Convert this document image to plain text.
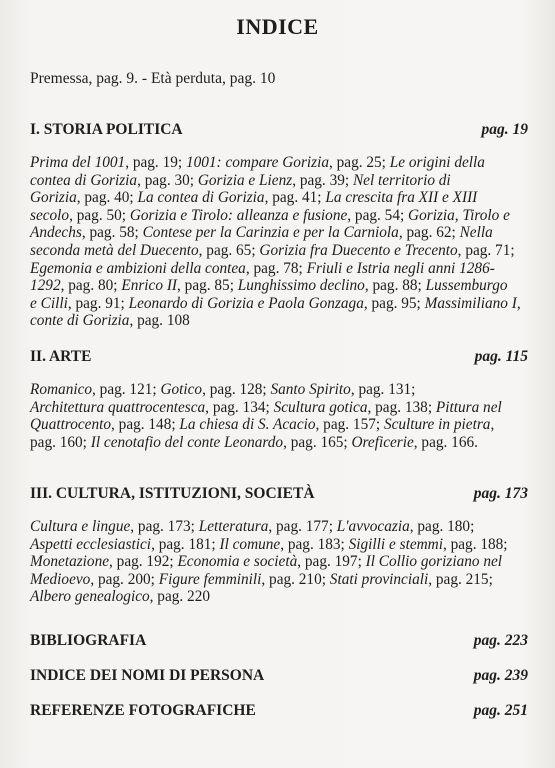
INDICE
Premessa, pag. 9. - Età perduta, pag. 10
I. STORIA POLITICA	pag. 19
Prima del 1001, pag. 19; 1001: compare Gorizia, pag. 25; Le origini della
contea di Gorizia, pag. 30; Gorizia e Lienz, pag. 39; Nel territorio di
Gorizia, pag. 40; La contea di Gorizia, pag. 41; La crescita fra XII e XIII
secolo, pag. 50; Gorizia e Tirolo: alleanza e fusione, pag. 54; Gorizia, Tirolo e
Andechs, pag. 58; Contese per la Carinzia e per la Carniola, pag. 62; Nella
seconda metà del Duecento, pag. 65; Gorizia fra Duecento e Trecento, pag. 71;
Egemonia e ambizioni della contea, pag. 78; Friuli e Istria negli anni 1286-
1292, pag. 80; Enrico II, pag. 85; Lunghissimo declino, pag. 88; Lussemburgo
e Cilli, pag. 91; Leonardo di Gorizia e Paola Gonzaga, pag. 95; Massimiliano I,
conte di Gorizia, pag. 108
II. ARTE	pag. 115
Romanico, pag. 121; Gotico, pag. 128; Santo Spirito, pag. 131;
Architettura quattrocentesca, pag. 134; Scultura gotica, pag. 138; Pittura nel
Quattrocento, pag. 148; La chiesa di S. Acacio, pag. 157; Sculture in pietra,
pag. 160; Il cenotafio del conte Leonardo, pag. 165; Oreficerie, pag. 166.
III. CULTURA, ISTITUZIONI, SOCIETÀ	pag. 173
Cultura e lingue, pag. 173; Letteratura, pag. 177; L'avvocazia, pag. 180;
Aspetti ecclesiastici, pag. 181; Il comune, pag. 183; Sigilli e stemmi, pag. 188;
Monetazione, pag. 192; Economia e società, pag. 197; Il Collio goriziano nel
Medioevo, pag. 200; Figure femminili, pag. 210; Stati provinciali, pag. 215;
Albero genealogico, pag. 220
BIBLIOGRAFIA	pag. 223
INDICE DEI NOMI DI PERSONA	pag. 239
REFERENZE FOTOGRAFICHE	pag. 251
